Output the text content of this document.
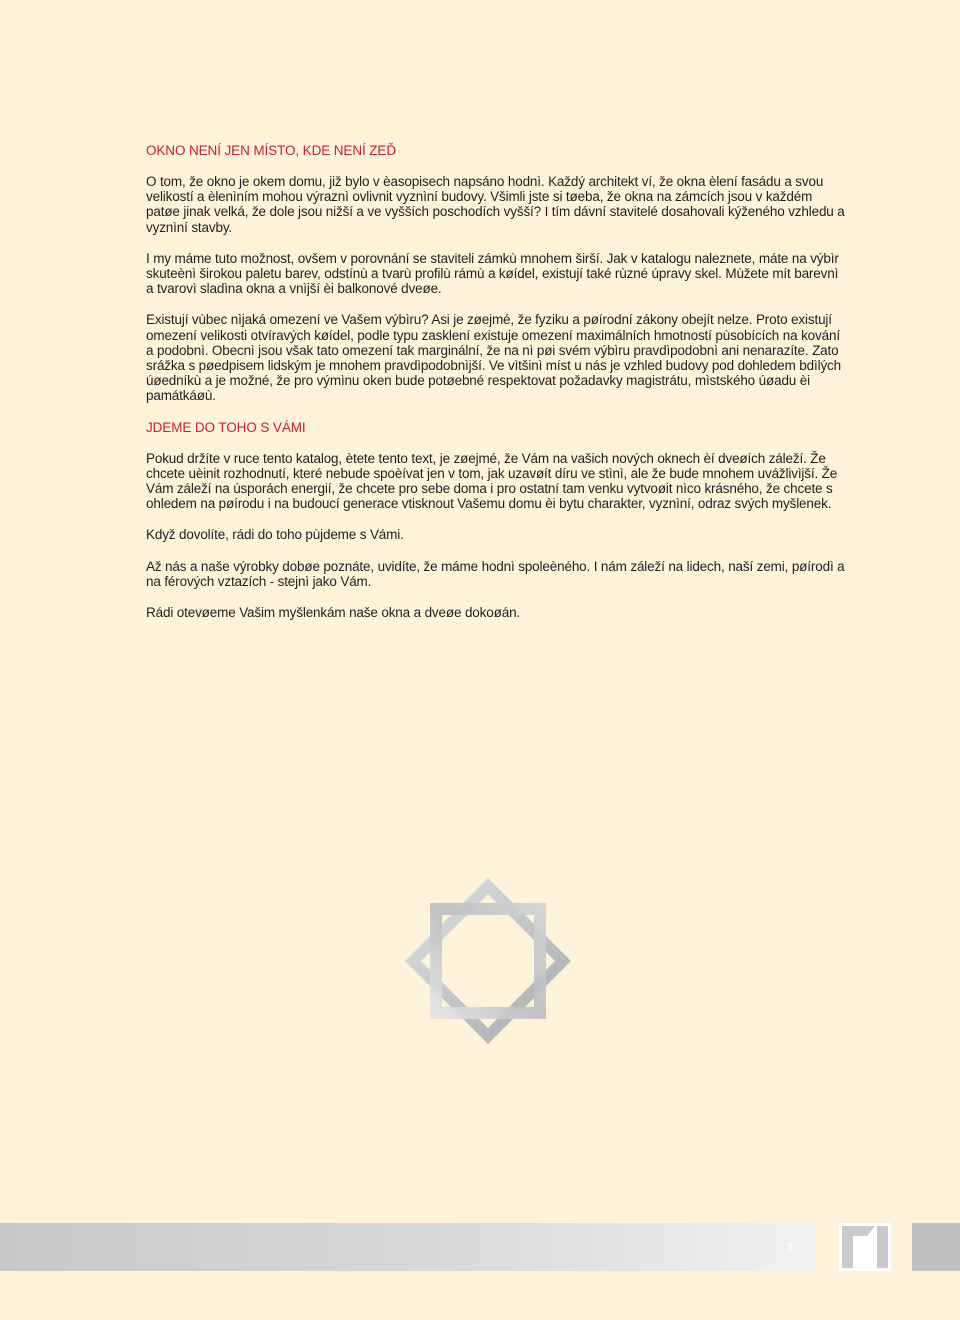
OKNO NENÍ JEN MÍSTO, KDE NENÍ ZEĎ

O tom, že okno je okem domu, již bylo v èasopisech napsáno hodnì. Každý architekt ví, že okna èlení fasádu a svou velikostí a èlenìním mohou výraznì ovlivnit vyznìní budovy. Všimli jste si tøeba, že okna na zámcích jsou v každém patøe jinak velká, že dole jsou nižší a ve vyšších poschodích vyšší? I tím dávní stavitelé dosahovali kýženého vzhledu a vyznìní stavby.

I my máme tuto možnost, ovšem v porovnání se staviteli zámkù mnohem širší. Jak v katalogu naleznete, máte na výbìr skuteènì širokou paletu barev, odstínù a tvarù profilù rámù a køídel, existují také rùzné úpravy skel. Mùžete mít barevnì a tvarovì sladìna okna a vnìjší èi balkonové dveøe.

Existují vùbec nìjaká omezení ve Vašem výbìru? Asi je zøejmé, že fyziku a pøírodní zákony obejít nelze. Proto existují omezení velikosti otvíravých køídel, podle typu zasklení existuje omezení maximálních hmotností pùsobících na kování a podobnì. Obecnì jsou však tato omezení tak marginální, že na nì pøi svém výbìru pravdìpodobnì ani nenarazíte. Zato srážka s pøedpisem lidským je mnohem pravdìpodobnìjší. Ve vìtšinì míst u nás je vzhled budovy pod dohledem bdìlých úøedníkù a je možné, že pro výmìnu oken bude potøebné respektovat požadavky magistrátu, mìstského úøadu èi památkáøù.

JDEME DO TOHO S VÁMI

Pokud držíte v ruce tento katalog, ètete tento text, je zøejmé, že Vám na vašich nových oknech èí dveøích záleží. Že chcete uèinit rozhodnutí, které nebude spoèívat jen v tom, jak uzavøít díru ve stìnì, ale že bude mnohem uvážlivìjší. Že Vám záleží na úsporách energií, že chcete pro sebe doma i pro ostatní tam venku vytvoøit nìco krásného, že chcete s ohledem na pøírodu i na budoucí generace vtisknout Vašemu domu èi bytu charakter, vyznìní, odraz svých myšlenek.

Když dovolíte, rádi do toho pùjdeme s Vámi.

Až nás a naše výrobky dobøe poznáte, uvidíte, že máme hodnì spoleèného. I nám záleží na lidech, naší zemi, pøírodì a na férových vztazích - stejnì jako Vám.

Rádi otevøeme Vašim myšlenkám naše okna a dveøe dokoøán.

3
